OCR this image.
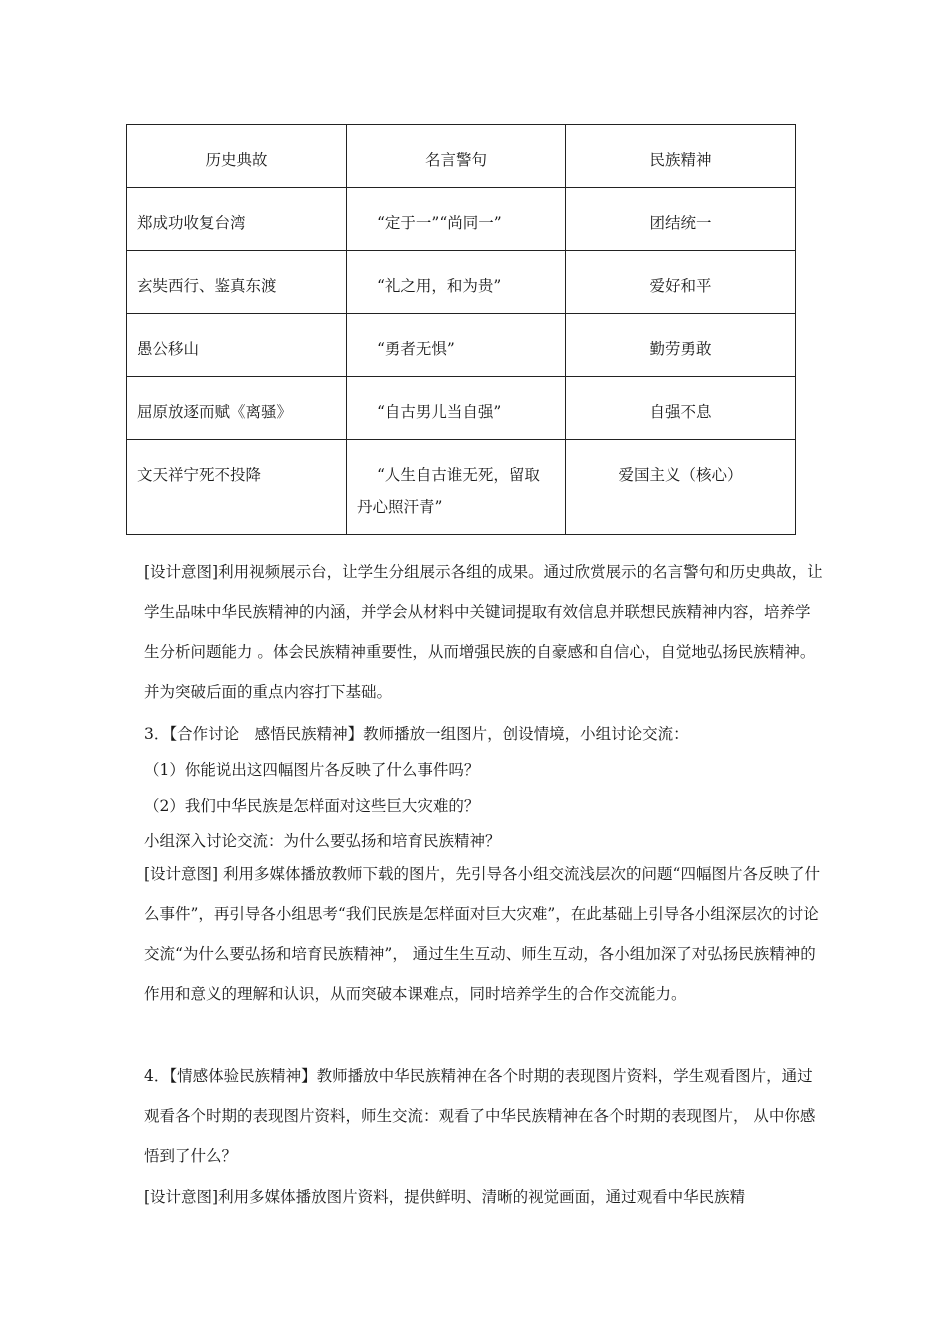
历史典故	名言警句	民族精神

郑成功收复台湾	“定于一”“尚同一”	团结统一

玄奘西行、鉴真东渡	“礼之用，和为贵”	爱好和平

愚公移山	“勇者无惧”	勤劳勇敢

屈原放逐而赋《离骚》	“自古男儿当自强”	自强不息

文天祥宁死不投降	“人生自古谁无死，留取丹心照汗青”	爱国主义（核心）

[设计意图]利用视频展示台，让学生分组展示各组的成果。通过欣赏展示的名言警句和历史典故，让学生品味中华民族精神的内涵，并学会从材料中关键词提取有效信息并联想民族精神内容，培养学生分析问题能力 。体会民族精神重要性，从而增强民族的自豪感和自信心，自觉地弘扬民族精神。并为突破后面的重点内容打下基础。

3．【合作讨论　感悟民族精神】教师播放一组图片，创设情境，小组讨论交流：

（1）你能说出这四幅图片各反映了什么事件吗？

（2）我们中华民族是怎样面对这些巨大灾难的？

小组深入讨论交流：为什么要弘扬和培育民族精神？

[设计意图] 利用多媒体播放教师下载的图片，先引导各小组交流浅层次的问题“四幅图片各反映了什么事件”，再引导各小组思考“我们民族是怎样面对巨大灾难”，在此基础上引导各小组深层次的讨论交流“为什么要弘扬和培育民族精神”， 通过生生互动、师生互动，各小组加深了对弘扬民族精神的作用和意义的理解和认识，从而突破本课难点，同时培养学生的合作交流能力。

4．【情感体验民族精神】教师播放中华民族精神在各个时期的表现图片资料，学生观看图片，通过观看各个时期的表现图片资料，师生交流：观看了中华民族精神在各个时期的表现图片， 从中你感悟到了什么？

[设计意图]利用多媒体播放图片资料，提供鲜明、清晰的视觉画面，通过观看中华民族精
